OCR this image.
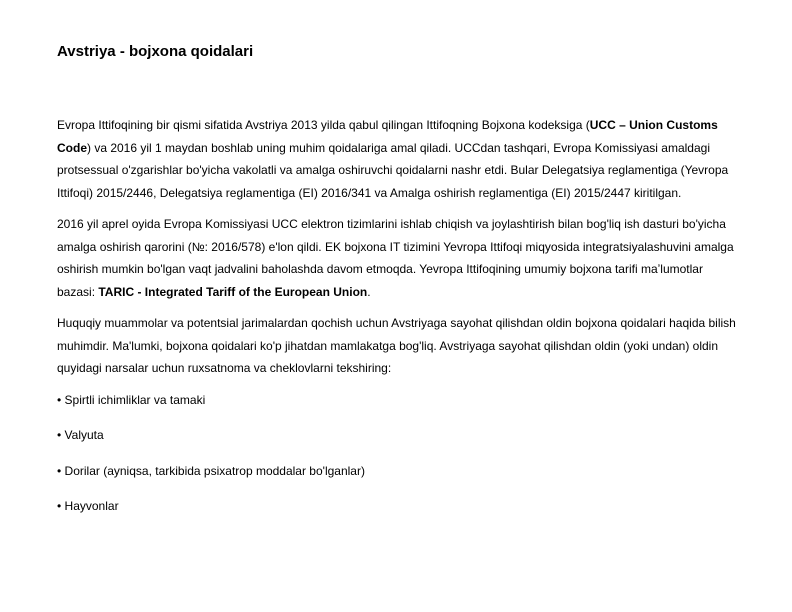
Avstriya - bojxona qoidalari

Evropa Ittifoqining bir qismi sifatida Avstriya 2013 yilda qabul qilingan Ittifoqning Bojxona kodeksiga (UCC – Union Customs Code) va 2016 yil 1 maydan boshlab uning muhim qoidalariga amal qiladi. UCCdan tashqari, Evropa Komissiyasi amaldagi protsessual o'zgarishlar bo'yicha vakolatli va amalga oshiruvchi qoidalarni nashr etdi. Bular Delegatsiya reglamentiga (Yevropa Ittifoqi) 2015/2446, Delegatsiya reglamentiga (EI) 2016/341 va Amalga oshirish reglamentiga (EI) 2015/2447 kiritilgan.

2016 yil aprel oyida Evropa Komissiyasi UCC elektron tizimlarini ishlab chiqish va joylashtirish bilan bog'liq ish dasturi bo'yicha amalga oshirish qarorini (№: 2016/578) e'lon qildi. EK bojxona IT tizimini Yevropa Ittifoqi miqyosida integratsiyalashuvini amalga oshirish mumkin bo'lgan vaqt jadvalini baholashda davom etmoqda. Yevropa Ittifoqining umumiy bojxona tarifi maʼlumotlar bazasi: TARIC - Integrated Tariff of the European Union.

Huquqiy muammolar va potentsial jarimalardan qochish uchun Avstriyaga sayohat qilishdan oldin bojxona qoidalari haqida bilish muhimdir. Ma'lumki, bojxona qoidalari ko'p jihatdan mamlakatga bog'liq. Avstriyaga sayohat qilishdan oldin (yoki undan) oldin quyidagi narsalar uchun ruxsatnoma va cheklovlarni tekshiring:

• Spirtli ichimliklar va tamaki

• Valyuta

• Dorilar (ayniqsa, tarkibida psixatrop moddalar bo'lganlar)

• Hayvonlar
